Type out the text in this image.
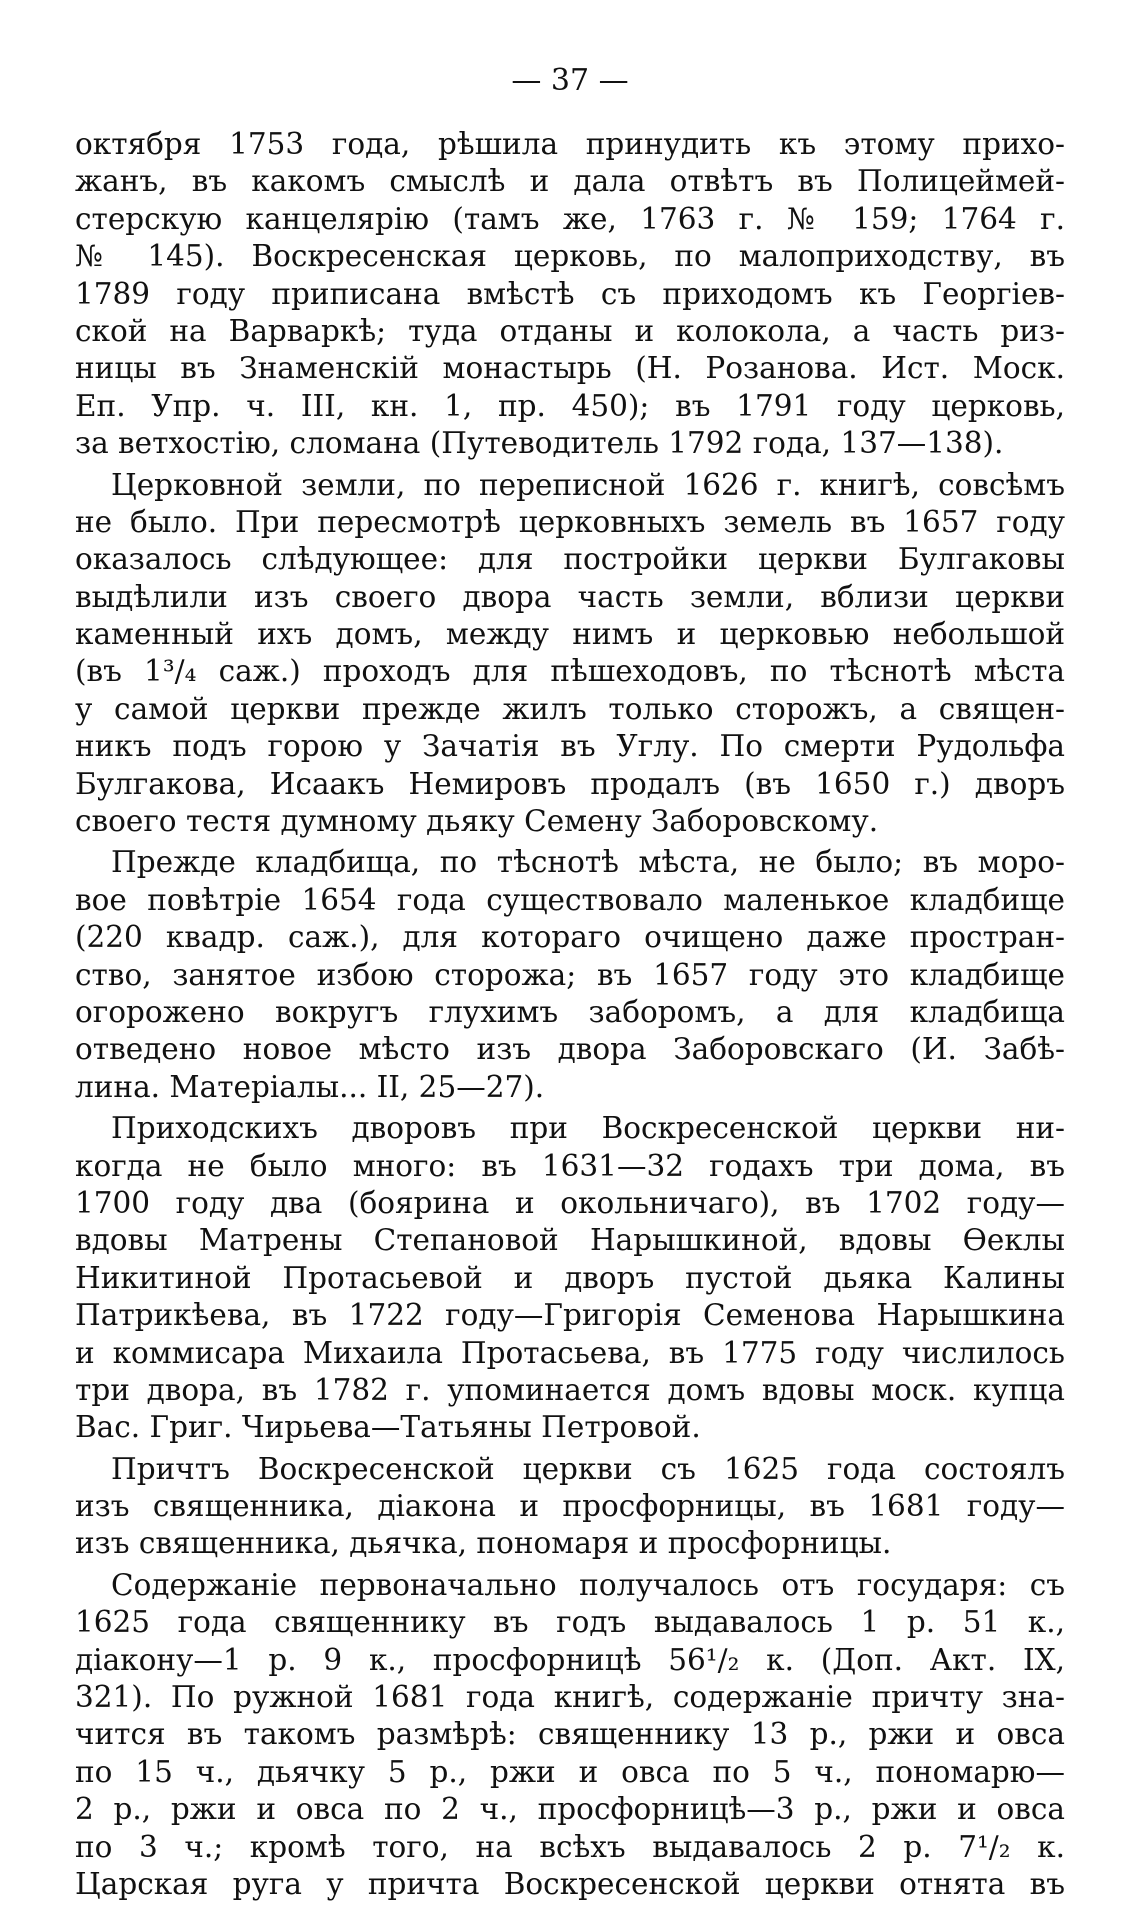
— 37 —
октября 1753 года, рѣшила принудить къ этому прихо-
жанъ, въ какомъ смыслѣ и дала отвѣтъ въ Полицеймей-
стерскую канцелярію (тамъ же, 1763 г. № 159; 1764 г.
№ 145). Воскресенская церковь, по малоприходству, въ
1789 году приписана вмѣстѣ съ приходомъ къ Георгіев-
ской на Варваркѣ; туда отданы и колокола, а часть риз-
ницы въ Знаменскій монастырь (Н. Розанова. Ист. Моск.
Еп. Упр. ч. III, кн. 1, пр. 450); въ 1791 году церковь,
за ветхостію, сломана (Путеводитель 1792 года, 137—138).
Церковной земли, по переписной 1626 г. книгѣ, совсѣмъ
не было. При пересмотрѣ церковныхъ земель въ 1657 году
оказалось слѣдующее: для постройки церкви Булгаковы
выдѣлили изъ своего двора часть земли, вблизи церкви
каменный ихъ домъ, между нимъ и церковью небольшой
(въ 1³/₄ саж.) проходъ для пѣшеходовъ, по тѣснотѣ мѣста
у самой церкви прежде жилъ только сторожъ, а священ-
никъ подъ горою у Зачатія въ Углу. По смерти Рудольфа
Булгакова, Исаакъ Немировъ продалъ (въ 1650 г.) дворъ
своего тестя думному дьяку Семену Заборовскому.
Прежде кладбища, по тѣснотѣ мѣста, не было; въ моро-
вое повѣтріе 1654 года существовало маленькое кладбище
(220 квадр. саж.), для котораго очищено даже простран-
ство, занятое избою сторожа; въ 1657 году это кладбище
огорожено вокругъ глухимъ заборомъ, а для кладбища
отведено новое мѣсто изъ двора Заборовскаго (И. Забѣ-
лина. Матеріалы... II, 25—27).
Приходскихъ дворовъ при Воскресенской церкви ни-
когда не было много: въ 1631—32 годахъ три дома, въ
1700 году два (боярина и окольничаго), въ 1702 году—
вдовы Матрены Степановой Нарышкиной, вдовы Ѳеклы
Никитиной Протасьевой и дворъ пустой дьяка Калины
Патрикѣева, въ 1722 году—Григорія Семенова Нарышкина
и коммисара Михаила Протасьева, въ 1775 году числилось
три двора, въ 1782 г. упоминается домъ вдовы моск. купца
Вас. Григ. Чирьева—Татьяны Петровой.
Причтъ Воскресенской церкви съ 1625 года состоялъ
изъ священника, діакона и просфорницы, въ 1681 году—
изъ священника, дьячка, пономаря и просфорницы.
Содержаніе первоначально получалось отъ государя: съ
1625 года священнику въ годъ выдавалось 1 р. 51 к.,
діакону—1 р. 9 к., просфорницѣ 56¹/₂ к. (Доп. Акт. IX,
321). По ружной 1681 года книгѣ, содержаніе причту зна-
чится въ такомъ размѣрѣ: священнику 13 р., ржи и овса
по 15 ч., дьячку 5 р., ржи и овса по 5 ч., пономарю—
2 р., ржи и овса по 2 ч., просфорницѣ—3 р., ржи и овса
по 3 ч.; кромѣ того, на всѣхъ выдавалось 2 р. 7¹/₂ к.
Царская руга у причта Воскресенской церкви отнята въ
